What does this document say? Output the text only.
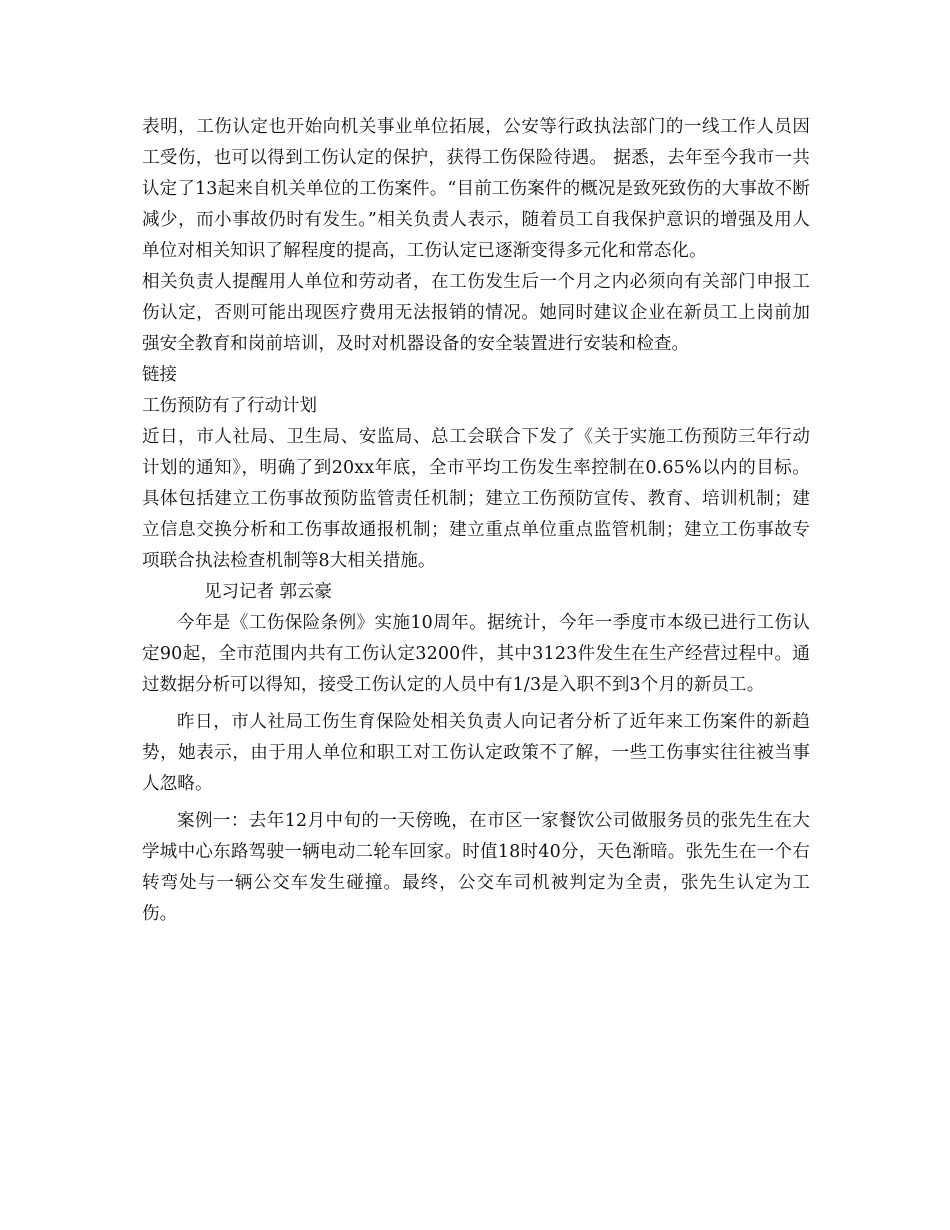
表明，工伤认定也开始向机关事业单位拓展，公安等行政执法部门的一线工作人员因工受伤，也可以得到工伤认定的保护，获得工伤保险待遇。 据悉，去年至今我市一共认定了13起来自机关单位的工伤案件。“目前工伤案件的概况是致死致伤的大事故不断减少，而小事故仍时有发生。”相关负责人表示，随着员工自我保护意识的增强及用人单位对相关知识了解程度的提高，工伤认定已逐渐变得多元化和常态化。

相关负责人提醒用人单位和劳动者，在工伤发生后一个月之内必须向有关部门申报工伤认定，否则可能出现医疗费用无法报销的情况。她同时建议企业在新员工上岗前加强安全教育和岗前培训，及时对机器设备的安全装置进行安装和检查。

链接

工伤预防有了行动计划

近日，市人社局、卫生局、安监局、总工会联合下发了《关于实施工伤预防三年行动计划的通知》，明确了到20xx年底，全市平均工伤发生率控制在0.65%以内的目标。具体包括建立工伤事故预防监管责任机制；建立工伤预防宣传、教育、培训机制；建立信息交换分析和工伤事故通报机制；建立重点单位重点监管机制；建立工伤事故专项联合执法检查机制等8大相关措施。

见习记者 郭云豪

今年是《工伤保险条例》实施10周年。据统计，今年一季度市本级已进行工伤认定90起，全市范围内共有工伤认定3200件，其中3123件发生在生产经营过程中。通过数据分析可以得知，接受工伤认定的人员中有1/3是入职不到3个月的新员工。

昨日，市人社局工伤生育保险处相关负责人向记者分析了近年来工伤案件的新趋势，她表示，由于用人单位和职工对工伤认定政策不了解，一些工伤事实往往被当事人忽略。

案例一：去年12月中旬的一天傍晚，在市区一家餐饮公司做服务员的张先生在大学城中心东路驾驶一辆电动二轮车回家。时值18时40分，天色渐暗。张先生在一个右转弯处与一辆公交车发生碰撞。最终，公交车司机被判定为全责，张先生认定为工伤。
